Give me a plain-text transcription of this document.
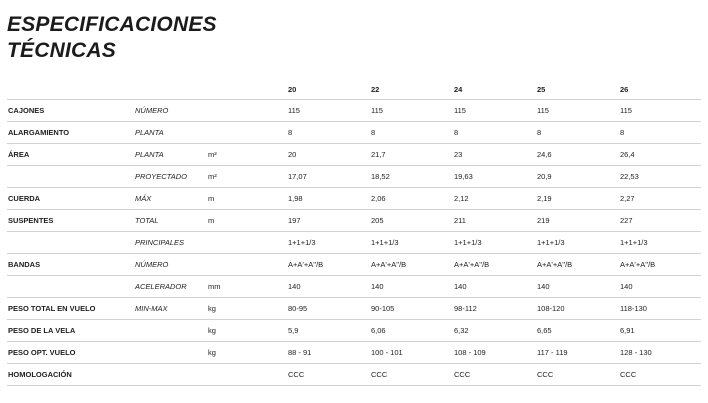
ESPECIFICACIONES
TÉCNICAS
			20	22	24	25	26
CAJONES	NÚMERO		115	115	115	115	115
ALARGAMIENTO	PLANTA		8	8	8	8	8
ÁREA	PLANTA	m²	20	21,7	23	24,6	26,4
	PROYECTADO	m²	17,07	18,52	19,63	20,9	22,53
CUERDA	MÁX	m	1,98	2,06	2,12	2,19	2,27
SUSPENTES	TOTAL	m	197	205	211	219	227
	PRINCIPALES		1+1+1/3	1+1+1/3	1+1+1/3	1+1+1/3	1+1+1/3
BANDAS	NÚMERO		A+A'+A''/B	A+A'+A''/B	A+A'+A''/B	A+A'+A''/B	A+A'+A''/B
	ACELERADOR	mm	140	140	140	140	140
PESO TOTAL EN VUELO	MIN-MAX	kg	80-95	90-105	98-112	108-120	118-130
PESO DE LA VELA		kg	5,9	6,06	6,32	6,65	6,91
PESO OPT. VUELO		kg	88 - 91	100 - 101	108 - 109	117 - 119	128 - 130
HOMOLOGACIÓN			CCC	CCC	CCC	CCC	CCC
